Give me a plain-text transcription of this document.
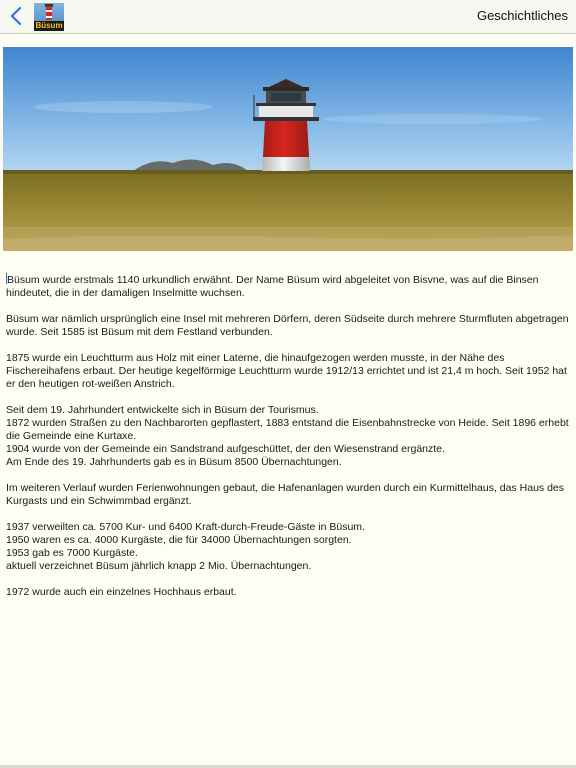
Büsum
Geschichtliches

Büsum wurde erstmals 1140 urkundlich erwähnt. Der Name Büsum wird abgeleitet von Bisvne, was auf die Binsen hindeutet, die in der damaligen Inselmitte wuchsen.

Büsum war nämlich ursprünglich eine Insel mit mehreren Dörfern, deren Südseite durch mehrere Sturmfluten abgetragen wurde. Seit 1585 ist Büsum mit dem Festland verbunden.

1875 wurde ein Leuchtturm aus Holz mit einer Laterne, die hinaufgezogen werden musste, in der Nähe des Fischereihafens erbaut. Der heutige kegelförmige Leuchtturm wurde 1912/13 errichtet und ist 21,4 m hoch. Seit 1952 hat er den heutigen rot-weißen Anstrich.

Seit dem 19. Jahrhundert entwickelte sich in Büsum der Tourismus.
1872 wurden Straßen zu den Nachbarorten gepflastert, 1883 entstand die Eisenbahnstrecke von Heide. Seit 1896 erhebt die Gemeinde eine Kurtaxe.
1904 wurde von der Gemeinde ein Sandstrand aufgeschüttet, der den Wiesenstrand ergänzte.
Am Ende des 19. Jahrhunderts gab es in Büsum 8500 Übernachtungen.

Im weiteren Verlauf wurden Ferienwohnungen gebaut, die Hafenanlagen wurden durch ein Kurmittelhaus, das Haus des Kurgasts und ein Schwimmbad ergänzt.

1937 verweilten ca. 5700 Kur- und 6400 Kraft-durch-Freude-Gäste in Büsum.
1950 waren es ca. 4000 Kurgäste, die für 34000 Übernachtungen sorgten.
1953 gab es 7000 Kurgäste.
aktuell verzeichnet Büsum jährlich knapp 2 Mio. Übernachtungen.

1972 wurde auch ein einzelnes Hochhaus erbaut.
